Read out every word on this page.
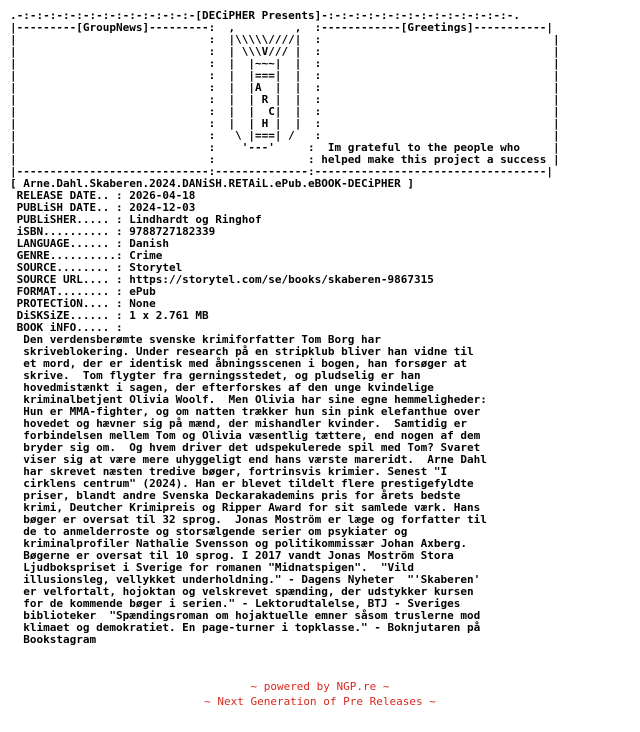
.-:-:-:-:-:-:-:-:-:-:-:-:-:-[DECiPHER Presents]-:-:-:-:-:-:-:-:-:-:-:-:-:-:-.
|---------[GroupNews]---------:  ,         ,  :------------[Greetings]-----------|
|                             :  |\\\\\////|  :                                   |
|                             :  | \\\V/// |  :                                   |
|                             :  |  |~~~|  |  :                                   |
|                             :  |  |===|  |  :                                   |
|                             :  |  |A  |  |  :                                   |
|                             :  |  | R |  |  :                                   |
|                             :  |  |  C|  |  :                                   |
|                             :  |  | H |  |  :                                   |
|                             :   \ |===| /   :                                   |
|                             :    '---'     :  Im grateful to the people who     |
|                             :              : helped make this project a success |
|-----------------------------:--------------:-----------------------------------|
[ Arne.Dahl.Skaberen.2024.DANiSH.RETAiL.ePub.eBOOK-DECiPHER ]
RELEASE DATE.. : 2026-04-18
PUBLiSH DATE.. : 2024-12-03
PUBLiSHER..... : Lindhardt og Ringhof
iSBN.......... : 9788727182339
LANGUAGE...... : Danish
GENRE..........: Crime
SOURCE........ : Storytel
SOURCE URL.... : https://storytel.com/se/books/skaberen-9867315
FORMAT........ : ePub
PROTECTiON.... : None
DiSKSiZE...... : 1 x 2.761 MB
BOOK iNFO..... :
Den verdensberømte svenske krimiforfatter Tom Borg har
skriveblokering. Under research på en stripklub bliver han vidne til
et mord, der er identisk med åbningsscenen i bogen, han forsøger at
skrive.  Tom flygter fra gerningsstedet, og pludselig er han
hovedmistænkt i sagen, der efterforskes af den unge kvindelige
kriminalbetjent Olivia Woolf.  Men Olivia har sine egne hemmeligheder:
Hun er MMA-fighter, og om natten trækker hun sin pink elefanthue over
hovedet og hævner sig på mænd, der mishandler kvinder.  Samtidig er
forbindelsen mellem Tom og Olivia væsentlig tættere, end nogen af dem
bryder sig om.  Og hvem driver det udspekulerede spil med Tom? Svaret
viser sig at være mere uhyggeligt end hans værste mareridt.  Arne Dahl
har skrevet næsten tredive bøger, fortrinsvis krimier. Senest "I
cirklens centrum" (2024). Han er blevet tildelt flere prestigefyldte
priser, blandt andre Svenska Deckarakademins pris for årets bedste
krimi, Deutcher Krimipreis og Ripper Award for sit samlede værk. Hans
bøger er oversat til 32 sprog.  Jonas Moström er læge og forfatter til
de to anmelderroste og storsælgende serier om psykiater og
kriminalprofiler Nathalie Svensson og politikommissær Johan Axberg.
Bøgerne er oversat til 10 sprog. I 2017 vandt Jonas Moström Stora
Ljudbokspriset i Sverige for romanen "Midnatspigen".  "Vild
illusionsleg, vellykket underholdning." - Dagens Nyheter  "'Skaberen'
er velfortalt, hojoktan og velskrevet spænding, der udstykker kursen
for de kommende bøger i serien." - Lektorudtalelse, BTJ - Sveriges
biblioteker  "Spændingsroman om hojaktuelle emner såsom truslerne mod
klimaet og demokratiet. En page-turner i topklasse." - Boknjutaren på
Bookstagram
~ powered by NGP.re ~
~ Next Generation of Pre Releases ~
